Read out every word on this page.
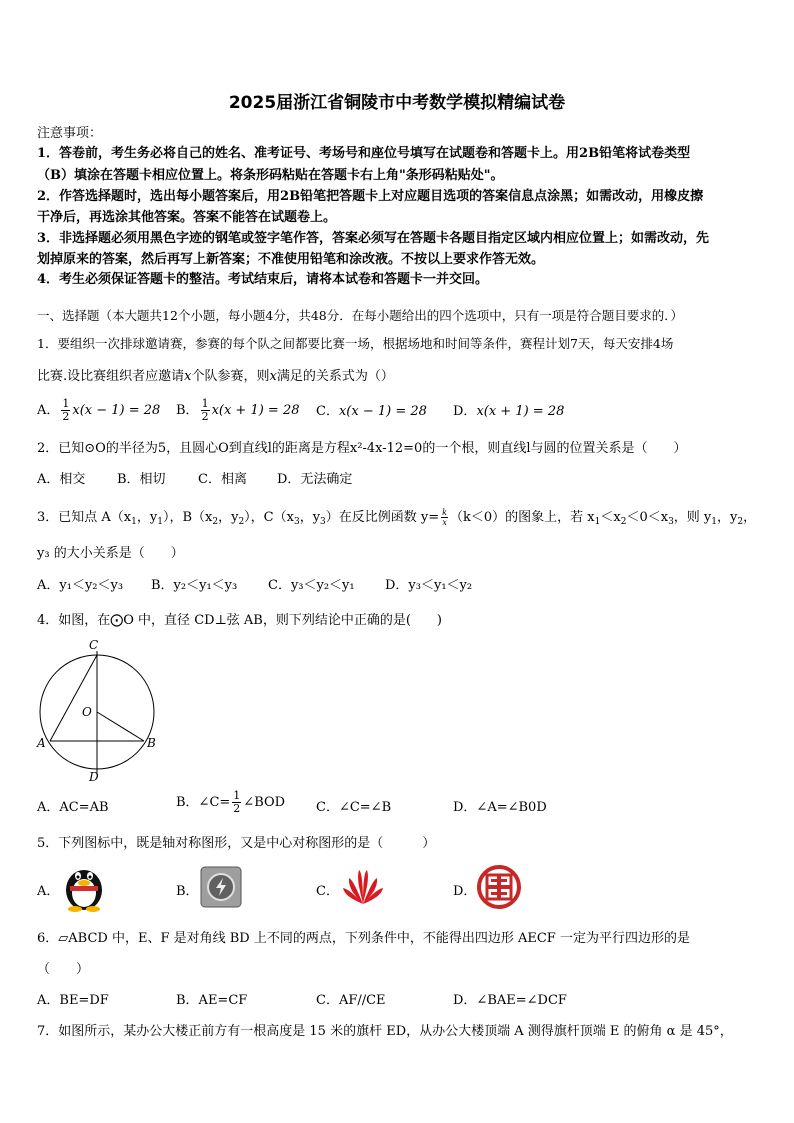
2025届浙江省铜陵市中考数学模拟精编试卷
注意事项：
1．答卷前，考生务必将自己的姓名、准考证号、考场号和座位号填写在试题卷和答题卡上。用2B铅笔将试卷类型
（B）填涂在答题卡相应位置上。将条形码粘贴在答题卡右上角"条形码粘贴处"。
2．作答选择题时，选出每小题答案后，用2B铅笔把答题卡上对应题目选项的答案信息点涂黑；如需改动，用橡皮擦
干净后，再选涂其他答案。答案不能答在试题卷上。
3．非选择题必须用黑色字迹的钢笔或签字笔作答，答案必须写在答题卡各题目指定区域内相应位置上；如需改动，先
划掉原来的答案，然后再写上新答案；不准使用铅笔和涂改液。不按以上要求作答无效。
4．考生必须保证答题卡的整洁。考试结束后，请将本试卷和答题卡一并交回。
一、选择题（本大题共12个小题，每小题4分，共48分．在每小题给出的四个选项中，只有一项是符合题目要求的．）
1．要组织一次排球邀请赛，参赛的每个队之间都要比赛一场，根据场地和时间等条件，赛程计划7天，每天安排4场
比赛.设比赛组织者应邀请x个队参赛，则x满足的关系式为（）
A． $\frac{1}{2} x(x - 1) = 28$ B． $\frac{1}{2} x(x + 1) = 28$ C．x(x − 1) = 28 D．x(x + 1) = 28
2．已知⊙O的半径为5，且圆心O到直线l的距离是方程x²-4x-12=0的一个根，则直线l与圆的位置关系是（　　）
A．相交 B．相切 C．相离 D．无法确定
3．已知点 $A(x_1$，$y_1$），$B(x_2$，$y_2$），$C(x_3$，$y_3$）在反比例函数 $y= \frac{k}{x} (k<0)$的图象上，若 $x_1<x_2<0<x_3$，则 $y_1$，$y_2$，
y₃ 的大小关系是（　　）
A．y₁＜y₂＜y₃ B．y₂＜y₁＜y₃ C．y₃＜y₂＜y₁ D．y₃＜y₁＜y₂
4．如图，在⨀O 中，直径 CD⊥弦 AB，则下列结论中正确的是(　　)
C
O
A	B
D
A．AC=AB	B．∠C= $\frac{1}{2}$ ∠BOD C．∠C=∠B	D．∠A=∠B0D
5．下列图标中，既是轴对称图形，又是中心对称图形的是（　　　）
A．	B．	C．	D．
6．▱ABCD 中，E、F 是对角线 BD 上不同的两点，下列条件中，不能得出四边形 AECF 一定为平行四边形的是
（　　）
A．BE=DF	B．AE=CF	C．AF//CE	D．∠BAE=∠DCF
7．如图所示，某办公大楼正前方有一根高度是 15 米的旗杆 ED，从办公大楼顶端 A 测得旗杆顶端 E 的俯角 α 是 45°，
